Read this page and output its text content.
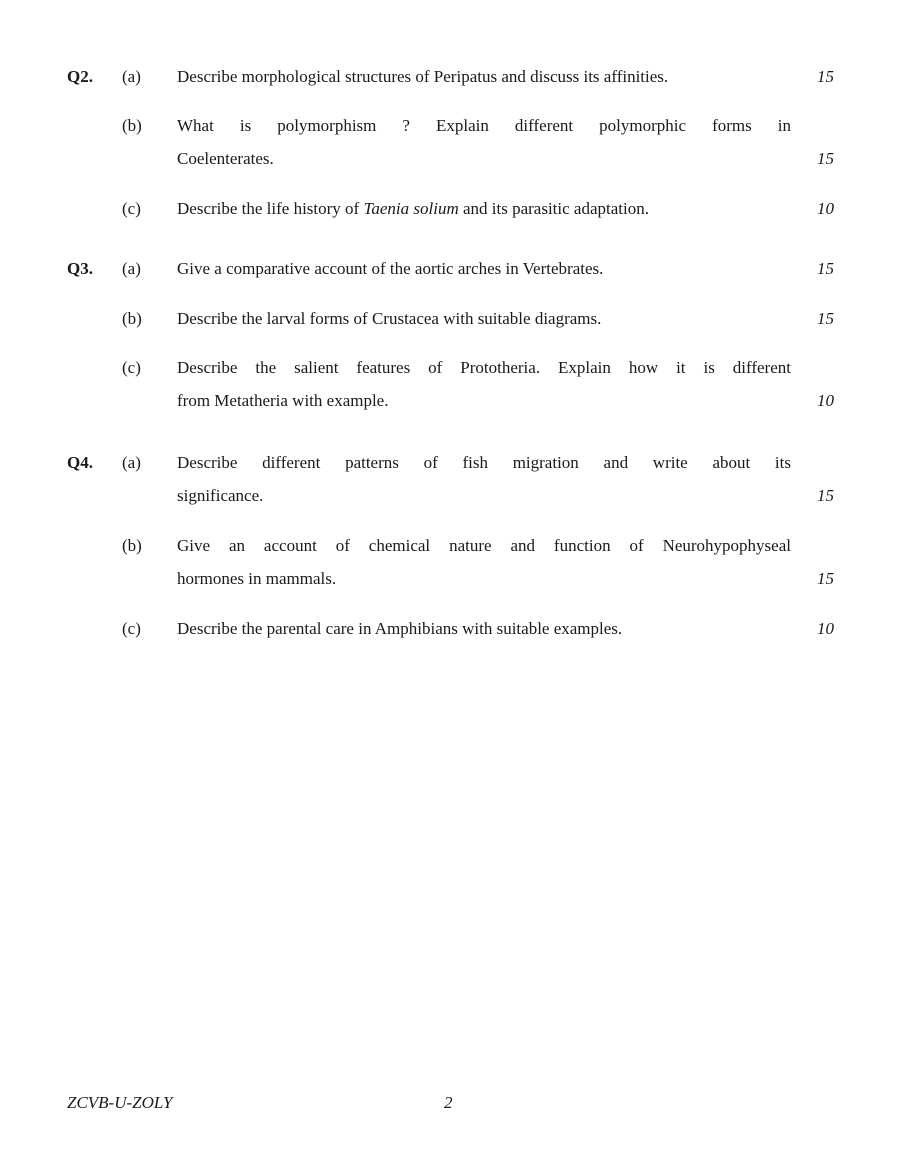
Q2. (a) Describe morphological structures of Peripatus and discuss its affinities.	15
(b) What is polymorphism ? Explain different polymorphic forms in
Coelenterates.	15
(c) Describe the life history of Taenia solium and its parasitic adaptation.	10
Q3. (a) Give a comparative account of the aortic arches in Vertebrates.	15
(b) Describe the larval forms of Crustacea with suitable diagrams.	15
(c) Describe the salient features of Prototheria. Explain how it is different
from Metatheria with example.	10
Q4. (a) Describe different patterns of fish migration and write about its
significance.	15
(b) Give an account of chemical nature and function of Neurohypophyseal
hormones in mammals.	15
(c) Describe the parental care in Amphibians with suitable examples.	10
ZCVB-U-ZOLY	2
